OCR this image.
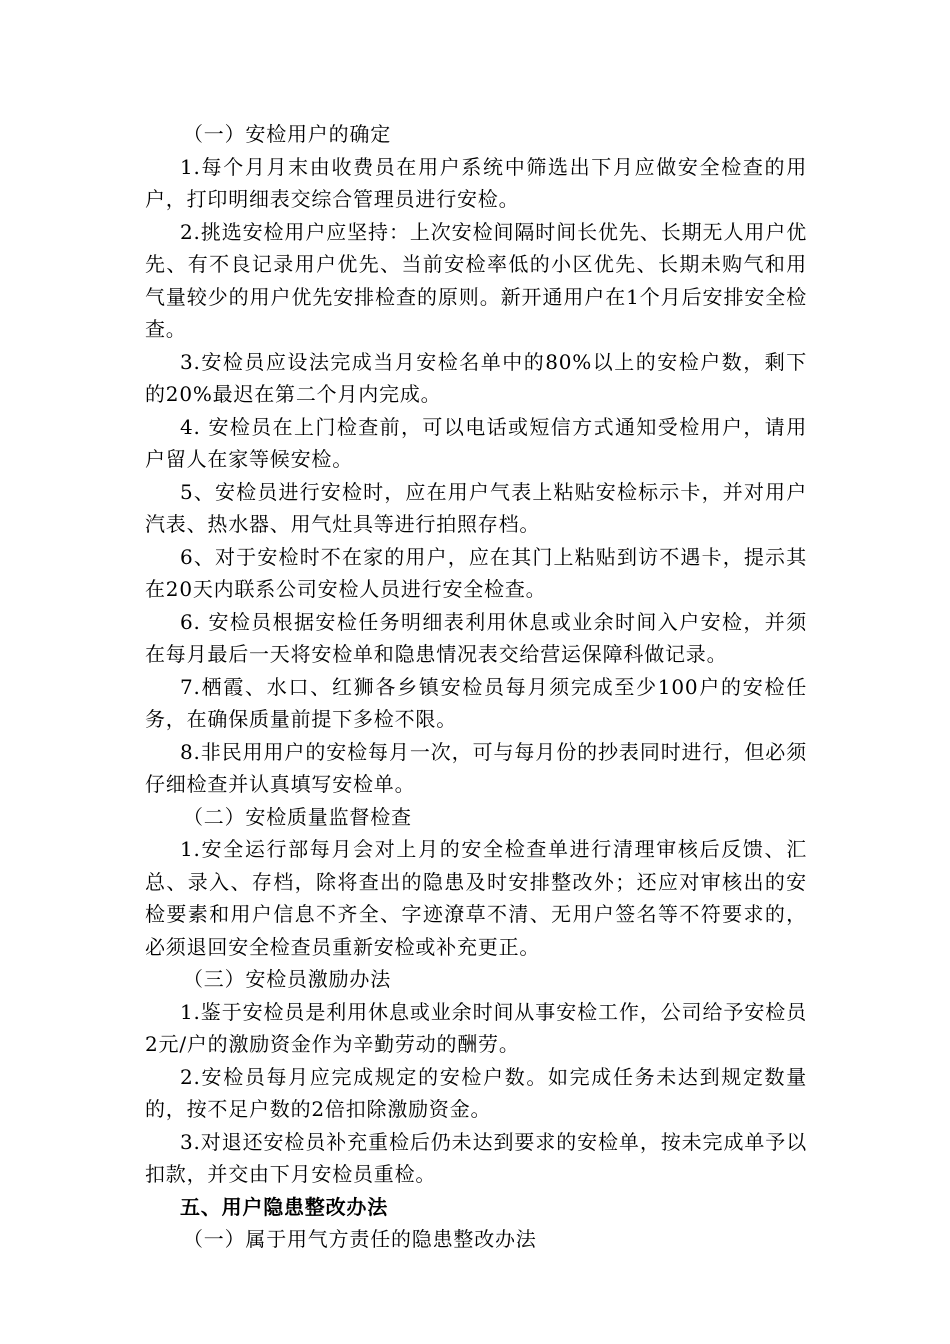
（一）安检用户的确定

1.每个月月末由收费员在用户系统中筛选出下月应做安全检查的用户，打印明细表交综合管理员进行安检。

2.挑选安检用户应坚持：上次安检间隔时间长优先、长期无人用户优先、有不良记录用户优先、当前安检率低的小区优先、长期未购气和用气量较少的用户优先安排检查的原则。新开通用户在1个月后安排安全检查。

3.安检员应设法完成当月安检名单中的80%以上的安检户数，剩下的20%最迟在第二个月内完成。

4. 安检员在上门检查前，可以电话或短信方式通知受检用户，请用户留人在家等候安检。

5、安检员进行安检时，应在用户气表上粘贴安检标示卡，并对用户汽表、热水器、用气灶具等进行拍照存档。

6、对于安检时不在家的用户，应在其门上粘贴到访不遇卡，提示其在20天内联系公司安检人员进行安全检查。

6. 安检员根据安检任务明细表利用休息或业余时间入户安检，并须在每月最后一天将安检单和隐患情况表交给营运保障科做记录。

7.栖霞、水口、红狮各乡镇安检员每月须完成至少100户的安检任务，在确保质量前提下多检不限。

8.非民用用户的安检每月一次，可与每月份的抄表同时进行，但必须仔细检查并认真填写安检单。

（二）安检质量监督检查

1.安全运行部每月会对上月的安全检查单进行清理审核后反馈、汇总、录入、存档，除将查出的隐患及时安排整改外；还应对审核出的安检要素和用户信息不齐全、字迹潦草不清、无用户签名等不符要求的，必须退回安全检查员重新安检或补充更正。

（三）安检员激励办法

1.鉴于安检员是利用休息或业余时间从事安检工作，公司给予安检员2元/户的激励资金作为辛勤劳动的酬劳。

2.安检员每月应完成规定的安检户数。如完成任务未达到规定数量的，按不足户数的2倍扣除激励资金。

3.对退还安检员补充重检后仍未达到要求的安检单，按未完成单予以扣款，并交由下月安检员重检。

五、用户隐患整改办法

（一）属于用气方责任的隐患整改办法
